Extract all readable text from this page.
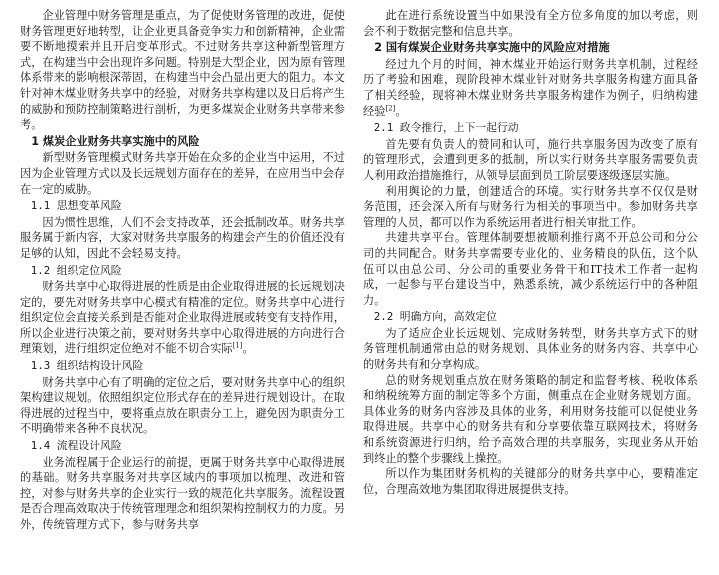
企业管理中财务管理是重点，为了促使财务管理的改进，促使财务管理更好地转型，让企业更具备竞争实力和创新精神，企业需要不断地摸索并且开启变革形式。不过财务共享这种新型管理方式，在构建当中会出现许多问题。特别是大型企业，因为原有管理体系带来的影响根深蒂固，在构建当中会凸显出更大的阻力。本文针对神木煤业财务共享中的经验，对财务共享构建以及日后将产生的威胁和预防控制策略进行剖析，为更多煤炭企业财务共享带来参考。

1 煤炭企业财务共享实施中的风险

新型财务管理模式财务共享开始在众多的企业当中运用，不过因为企业管理方式以及长远规划方面存在的差异，在应用当中会存在一定的威胁。

1.1 思想变革风险

因为惯性思维，人们不会支持改革，还会抵制改革。财务共享服务属于新内容，大家对财务共享服务的构建会产生的价值还没有足够的认知，因此不会轻易支持。

1.2 组织定位风险

财务共享中心取得进展的性质是由企业取得进展的长远规划决定的，要先对财务共享中心模式有精准的定位。财务共享中心进行组织定位会直接关系到是否能对企业取得进展或转变有支持作用，所以企业进行决策之前，要对财务共享中心取得进展的方向进行合理策划，进行组织定位绝对不能不切合实际[1]。

1.3 组织结构设计风险

财务共享中心有了明确的定位之后，要对财务共享中心的组织架构建议规划。依照组织定位形式存在的差异进行规划设计。在取得进展的过程当中，要将重点放在职责分工上，避免因为职责分工不明确带来各种不良状况。

1.4 流程设计风险

业务流程属于企业运行的前提，更属于财务共享中心取得进展的基础。财务共享服务对共享区域内的事项加以梳理、改进和管控，对参与财务共享的企业实行一致的规范化共享服务。流程设置是否合理高效取决于传统管理理念和组织架构控制权力的力度。另外，传统管理方式下，参与财务共享

此在进行系统设置当中如果没有全方位多角度的加以考虑，则会不利于数据完整和信息共享。

2 国有煤炭企业财务共享实施中的风险应对措施

经过九个月的时间，神木煤业开始运行财务共享机制，过程经历了考验和困难，现阶段神木煤业针对财务共享服务构建方面具备了相关经验，现将神木煤业财务共享服务构建作为例子，归纳构建经验[2]。

2.1 政令推行，上下一起行动

首先要有负责人的赞同和认可，施行共享服务因为改变了原有的管理形式，会遭到更多的抵制，所以实行财务共享服务需要负责人利用政治措施推行，从领导层面到员工阶层要逐级逐层实施。

利用舆论的力量，创建适合的环境。实行财务共享不仅仅是财务范围，还会深入所有与财务行为相关的事项当中。参加财务共享管理的人员，都可以作为系统运用者进行相关审批工作。

共建共享平台。管理体制要想被顺利推行离不开总公司和分公司的共同配合。财务共享需要专业化的、业务精良的队伍，这个队伍可以由总公司、分公司的重要业务骨干和IT技术工作者一起构成，一起参与平台建设当中，熟悉系统，减少系统运行中的各种阻力。

2.2 明确方向，高效定位

为了适应企业长远规划、完成财务转型，财务共享方式下的财务管理机制通常由总的财务规划、具体业务的财务内容、共享中心的财务共有和分享构成。

总的财务规划重点放在财务策略的制定和监督考核、税收体系和纳税统筹方面的制定等多个方面，侧重点在企业财务规划方面。具体业务的财务内容涉及具体的业务，利用财务技能可以促使业务取得进展。共享中心的财务共有和分享要依靠互联网技术，将财务和系统资源进行归纳，给予高效合理的共享服务，实现业务从开始到终止的整个步骤线上操控。

所以作为集团财务机构的关键部分的财务共享中心，要精准定位，合理高效地为集团取得进展提供支持。
